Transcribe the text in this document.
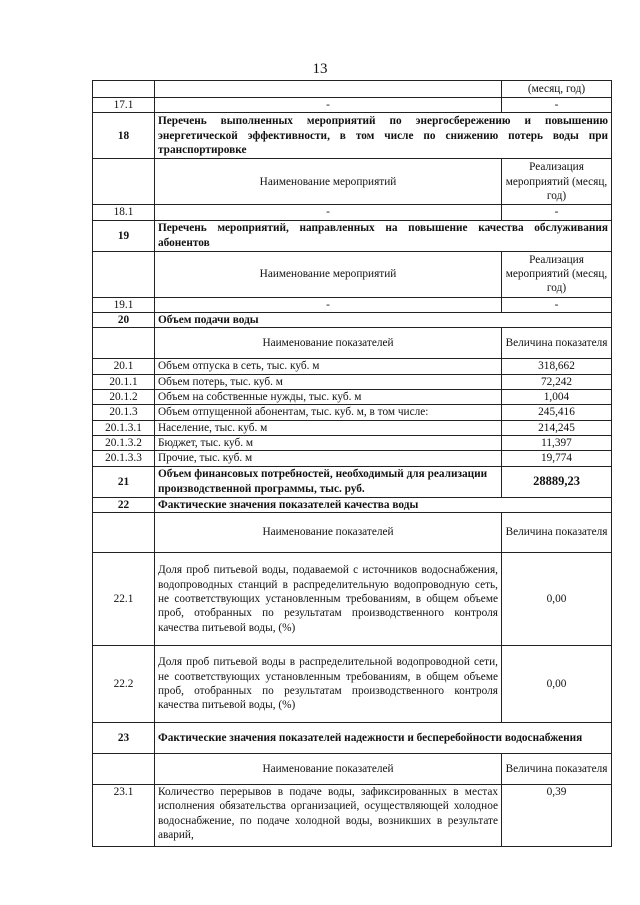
13
		(месяц, год)
17.1	-	-
18	Перечень выполненных мероприятий по энергосбережению и повышению энергетической эффективности, в том числе по снижению потерь воды при транспортировке	
	Наименование мероприятий	Реализация мероприятий (месяц, год)
18.1	-	-
19	Перечень мероприятий, направленных на повышение качества обслуживания абонентов	
	Наименование мероприятий	Реализация мероприятий (месяц, год)
19.1	-	-
20	Объем подачи воды	
	Наименование показателей	Величина показателя
20.1	Объем отпуска в сеть, тыс. куб. м	318,662
20.1.1	Объем потерь, тыс. куб. м	72,242
20.1.2	Объем на собственные нужды, тыс. куб. м	1,004
20.1.3	Объем отпущенной абонентам, тыс. куб. м, в том числе:	245,416
20.1.3.1	Население, тыс. куб. м	214,245
20.1.3.2	Бюджет, тыс. куб. м	11,397
20.1.3.3	Прочие, тыс. куб. м	19,774
21	Объем финансовых потребностей, необходимый для реализации производственной программы, тыс. руб.	28889,23
22	Фактические значения показателей качества воды	
	Наименование показателей	Величина показателя
22.1	Доля проб питьевой воды, подаваемой с источников водоснабжения, водопроводных станций в распределительную водопроводную сеть, не соответствующих установленным требованиям, в общем объеме проб, отобранных по результатам производственного контроля качества питьевой воды, (%)	0,00
22.2	Доля проб питьевой воды в распределительной водопроводной сети, не соответствующих установленным требованиям, в общем объеме проб, отобранных по результатам производственного контроля качества питьевой воды, (%)	0,00
23	Фактические значения показателей надежности и бесперебойности водоснабжения	
	Наименование показателей	Величина показателя
23.1	Количество перерывов в подаче воды, зафиксированных в местах исполнения обязательства организацией, осуществляющей холодное водоснабжение, по подаче холодной воды, возникших в результате аварий,	0,39
